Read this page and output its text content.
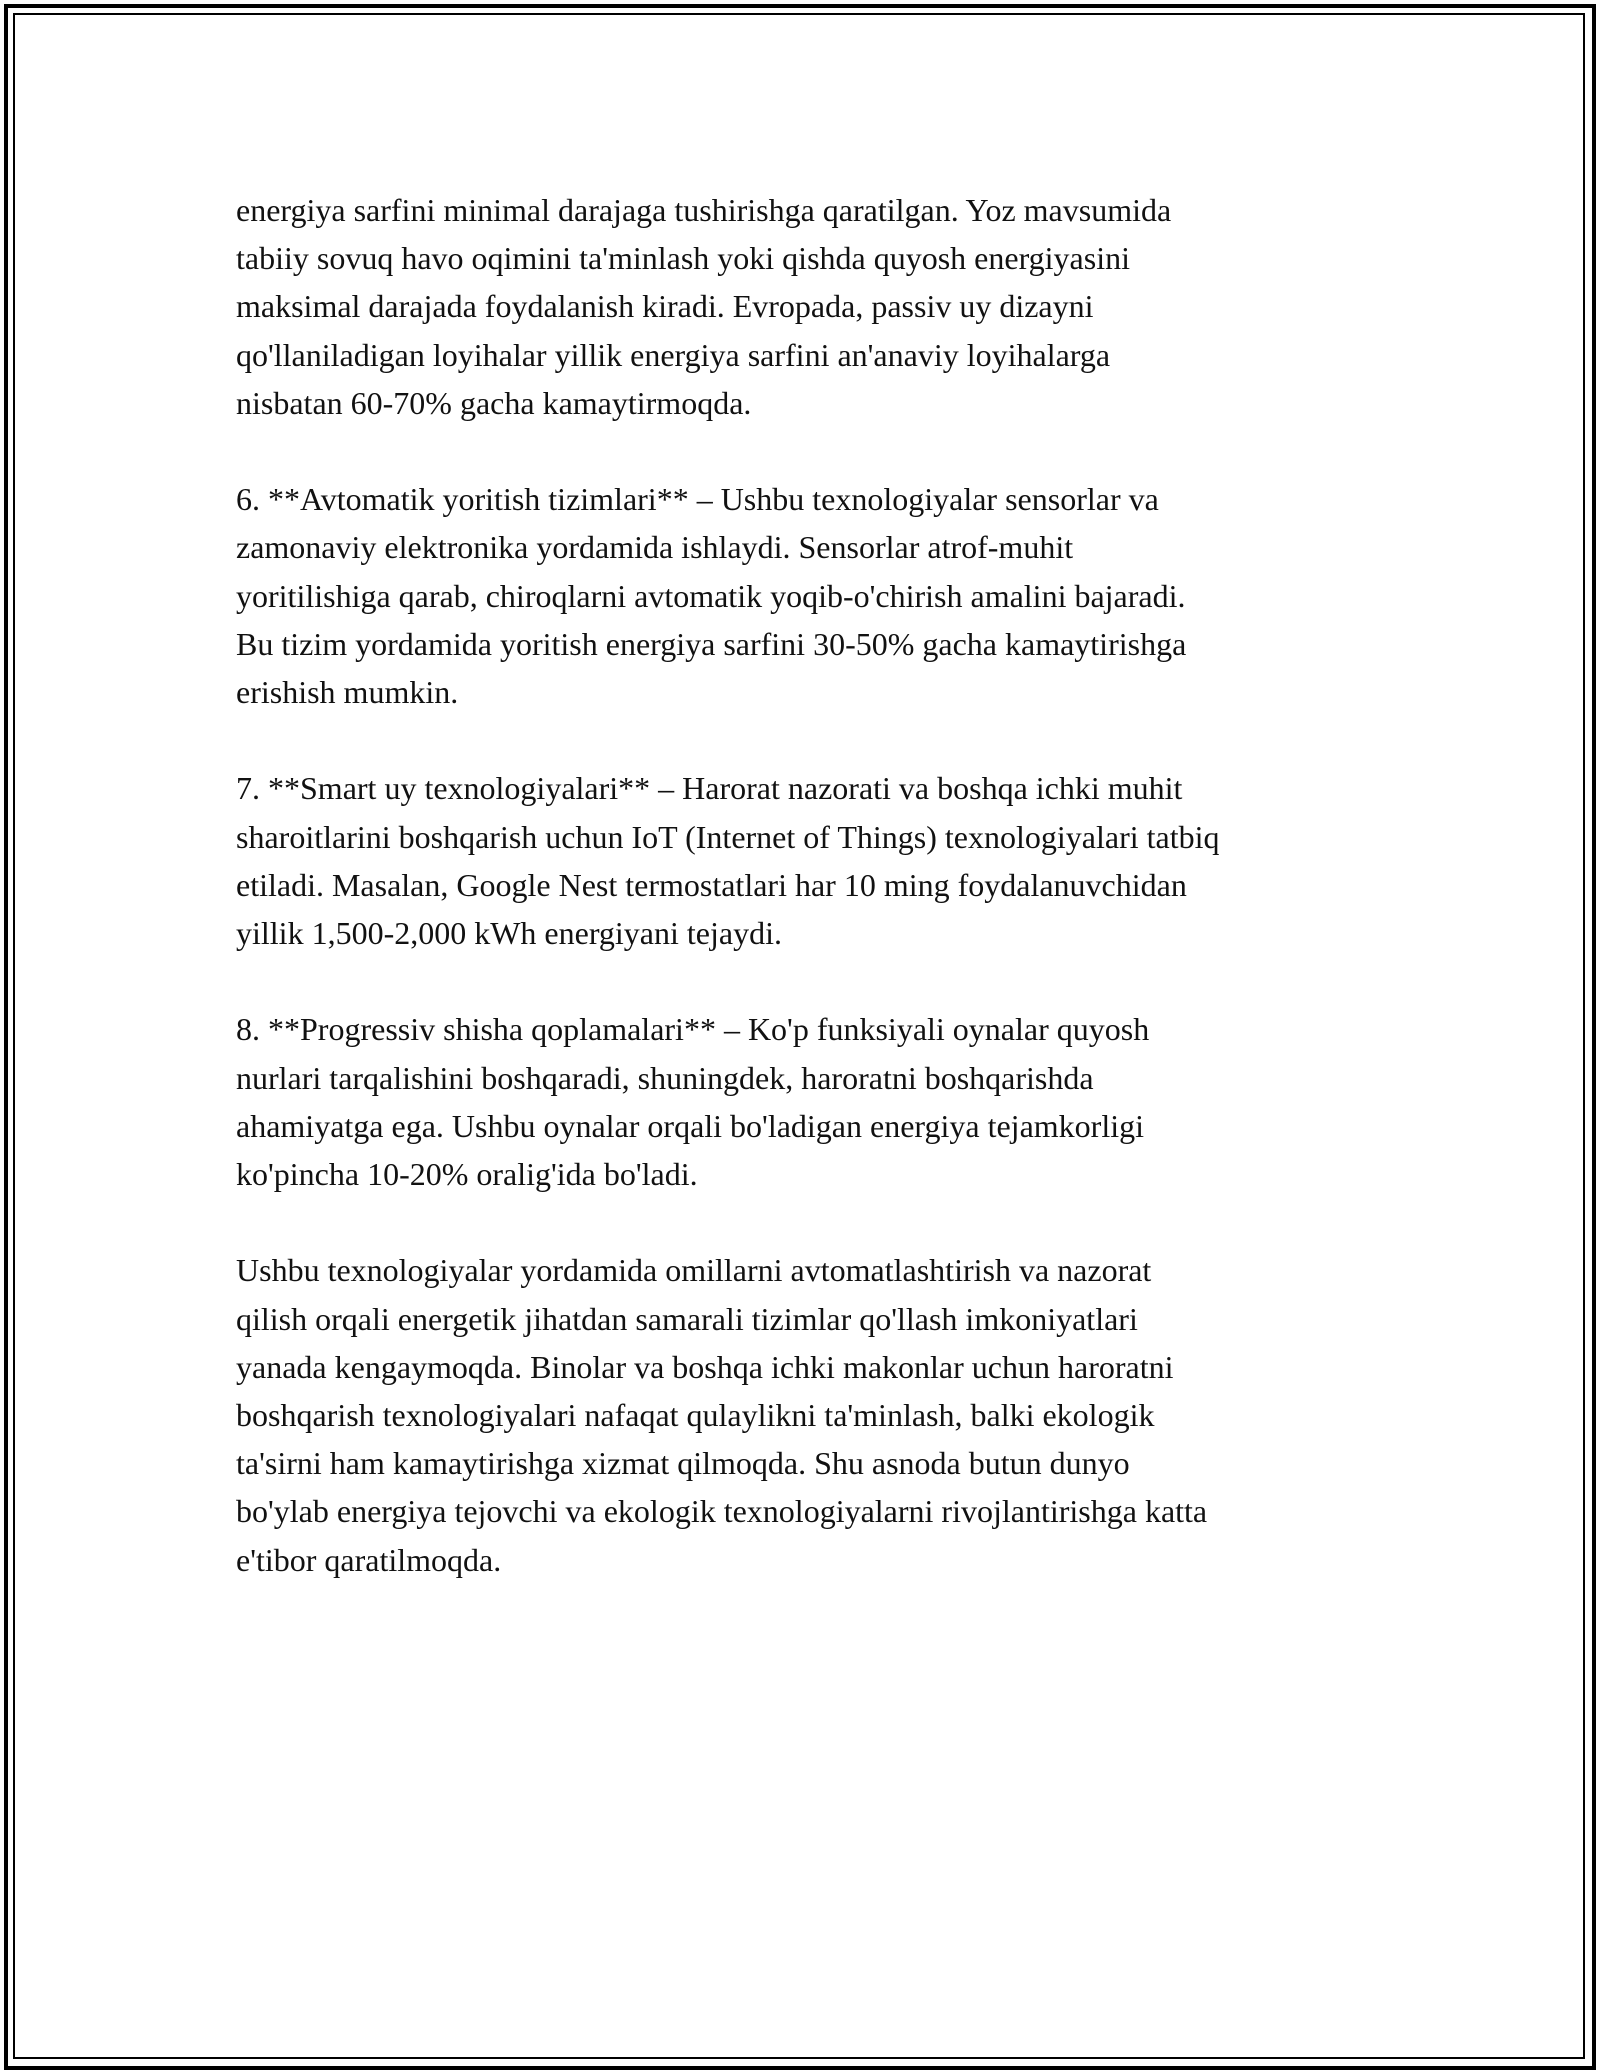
energiya sarfini minimal darajaga tushirishga qaratilgan. Yoz mavsumida
tabiiy sovuq havo oqimini ta'minlash yoki qishda quyosh energiyasini
maksimal darajada foydalanish kiradi. Evropada, passiv uy dizayni
qo'llaniladigan loyihalar yillik energiya sarfini an'anaviy loyihalarga
nisbatan 60-70% gacha kamaytirmoqda.

6. **Avtomatik yoritish tizimlari** – Ushbu texnologiyalar sensorlar va
zamonaviy elektronika yordamida ishlaydi. Sensorlar atrof-muhit
yoritilishiga qarab, chiroqlarni avtomatik yoqib-o'chirish amalini bajaradi.
Bu tizim yordamida yoritish energiya sarfini 30-50% gacha kamaytirishga
erishish mumkin.

7. **Smart uy texnologiyalari** – Harorat nazorati va boshqa ichki muhit
sharoitlarini boshqarish uchun IoT (Internet of Things) texnologiyalari tatbiq
etiladi. Masalan, Google Nest termostatlari har 10 ming foydalanuvchidan
yillik 1,500-2,000 kWh energiyani tejaydi.

8. **Progressiv shisha qoplamalari** – Ko'p funksiyali oynalar quyosh
nurlari tarqalishini boshqaradi, shuningdek, haroratni boshqarishda
ahamiyatga ega. Ushbu oynalar orqali bo'ladigan energiya tejamkorligi
ko'pincha 10-20% oralig'ida bo'ladi.

Ushbu texnologiyalar yordamida omillarni avtomatlashtirish va nazorat
qilish orqali energetik jihatdan samarali tizimlar qo'llash imkoniyatlari
yanada kengaymoqda. Binolar va boshqa ichki makonlar uchun haroratni
boshqarish texnologiyalari nafaqat qulaylikni ta'minlash, balki ekologik
ta'sirni ham kamaytirishga xizmat qilmoqda. Shu asnoda butun dunyo
bo'ylab energiya tejovchi va ekologik texnologiyalarni rivojlantirishga katta
e'tibor qaratilmoqda.
